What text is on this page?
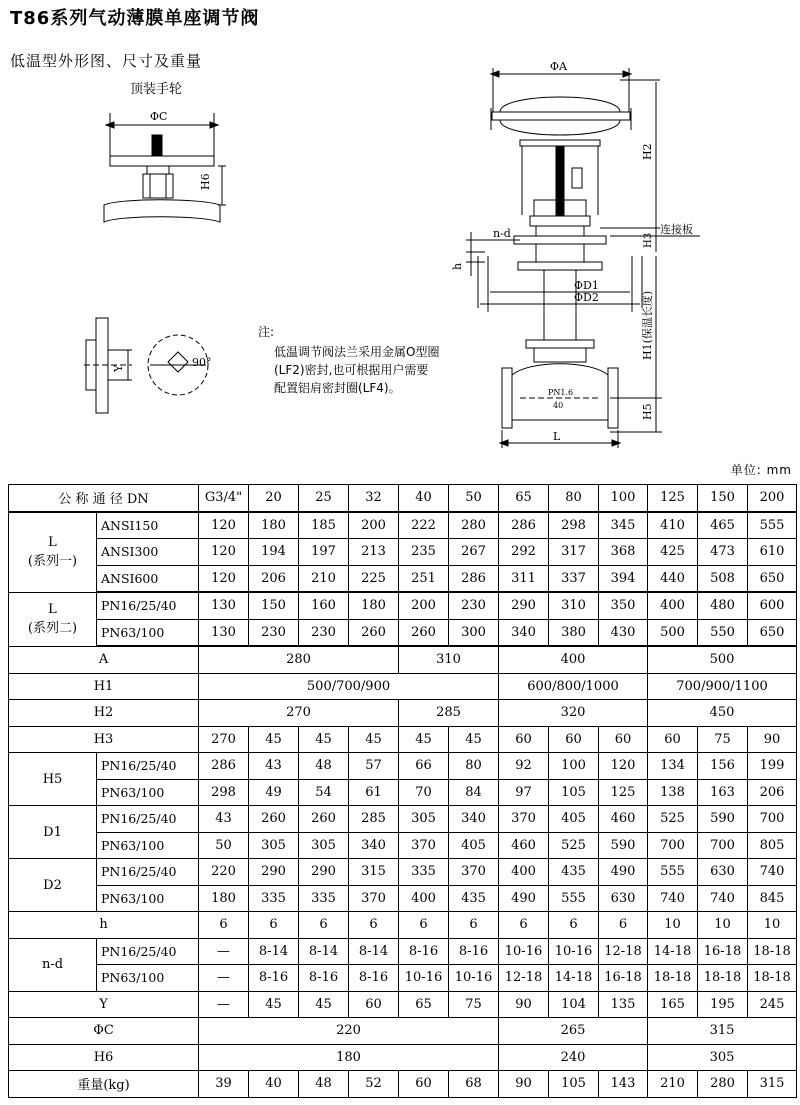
T86系列气动薄膜单座调节阀
低温型外形图、尺寸及重量
顶装手轮
ΦC
H6
Y	90°
ΦA
PN1.6
40
H2
H3
连接板
n-d
h
ΦD1
ΦD2	H1(保温长度)
H5
L
注:
低温调节阀法兰采用金属O型圈
(LF2)密封,也可根据用户需要
配置铝肩密封圈(LF4)。
单位: mm
公 称 通 径 DN		G3/4"	20	25	32	40	50	65	80	100	125	150	200
L
(系列一)	ANSI150	120	180	185	200	222	280	286	298	345	410	465	555
	ANSI300	120	194	197	213	235	267	292	317	368	425	473	610
	ANSI600	120	206	210	225	251	286	311	337	394	440	508	650
L
(系列二)	PN16/25/40	130	150	160	180	200	230	290	310	350	400	480	600
	PN63/100	130	230	230	260	260	300	340	380	430	500	550	650
A		280				310		400			500		
H1		500/700/900						600/800/1000			700/900/1100		
H2		270				285		320			450		
H3		270	45	45	45	45	45	60	60	60	60	75	90
H5	PN16/25/40	286	43	48	57	66	80	92	100	120	134	156	199
	PN63/100	298	49	54	61	70	84	97	105	125	138	163	206
D1	PN16/25/40	43	260	260	285	305	340	370	405	460	525	590	700
	PN63/100	50	305	305	340	370	405	460	525	590	700	700	805
D2	PN16/25/40	220	290	290	315	335	370	400	435	490	555	630	740
	PN63/100	180	335	335	370	400	435	490	555	630	740	740	845
h		6	6	6	6	6	6	6	6	6	10	10	10
n-d	PN16/25/40	—	8-14	8-14	8-14	8-16	8-16	10-16	10-16	12-18	14-18	16-18	18-18
	PN63/100	—	8-16	8-16	8-16	10-16	10-16	12-18	14-18	16-18	18-18	18-18	18-18
Y		—	45	45	60	65	75	90	104	135	165	195	245
ΦC		220						265			315		
H6		180						240			305		
重量(kg)		39	40	48	52	60	68	90	105	143	210	280	315
